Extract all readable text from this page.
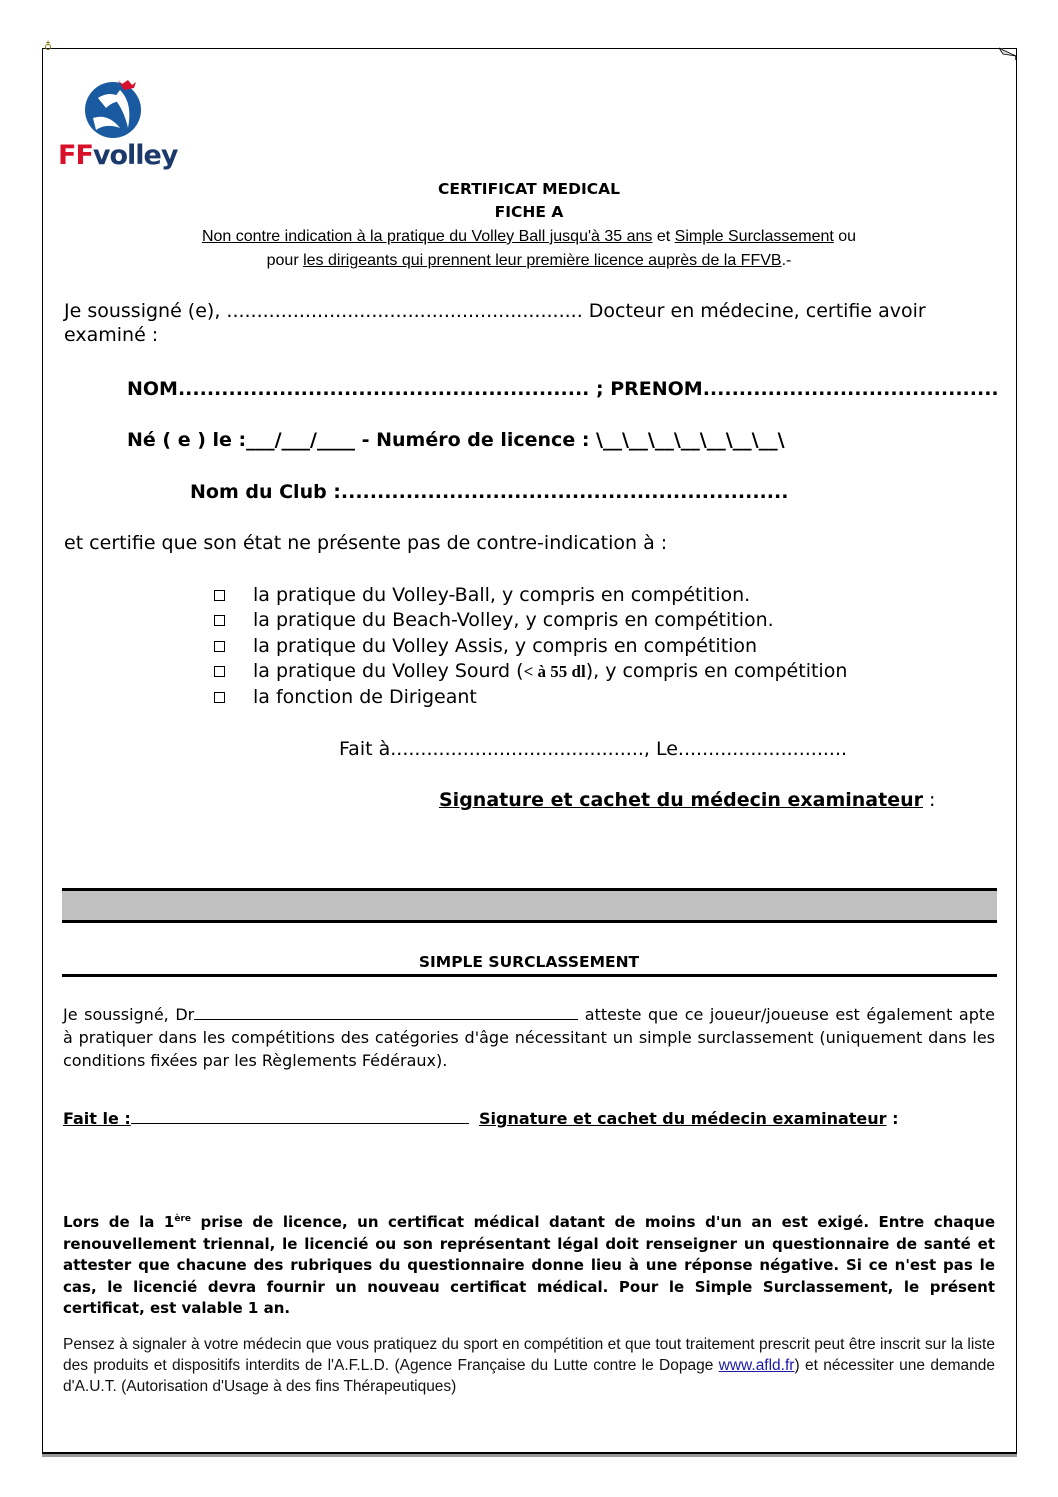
♁
FFvolley
CERTIFICAT MEDICAL
FICHE A
Non contre indication à la pratique du Volley Ball jusqu'à 35 ans et Simple Surclassement ou
pour les dirigeants qui prennent leur première licence auprès de la FFVB.-
Je soussigné (e), ........................................................... Docteur en médecine, certifie avoir
examiné :
NOM......................................................... ; PRENOM.........................................
Né ( e ) le :___/___/____ - Numéro de licence : \__\__\__\__\__\__\__\
Nom du Club :..............................................................
et certifie que son état ne présente pas de contre-indication à :
la pratique du Volley-Ball, y compris en compétition.
la pratique du Beach-Volley, y compris en compétition.
la pratique du Volley Assis, y compris en compétition
la pratique du Volley Sourd (< à 55 dl), y compris en compétition
la fonction de Dirigeant
Fait à.........................................., Le............................
Signature et cachet du médecin examinateur :
SIMPLE SURCLASSEMENT
Je soussigné, Dr	atteste que ce joueur/joueuse est également apte à pratiquer dans les compétitions des catégories d'âge nécessitant un simple surclassement (uniquement dans les conditions fixées par les Règlements Fédéraux).
Fait le :	Signature et cachet du médecin examinateur :
Lors de la 1ère prise de licence, un certificat médical datant de moins d'un an est exigé. Entre chaque renouvellement triennal, le licencié ou son représentant légal doit renseigner un questionnaire de santé et attester que chacune des rubriques du questionnaire donne lieu à une réponse négative. Si ce n'est pas le cas, le licencié devra fournir un nouveau certificat médical. Pour le Simple Surclassement, le présent certificat, est valable 1 an.
Pensez à signaler à votre médecin que vous pratiquez du sport en compétition et que tout traitement prescrit peut être inscrit sur la liste des produits et dispositifs interdits de l'A.F.L.D. (Agence Française du Lutte contre le Dopage www.afld.fr) et nécessiter une demande d'A.U.T. (Autorisation d'Usage à des fins Thérapeutiques)
